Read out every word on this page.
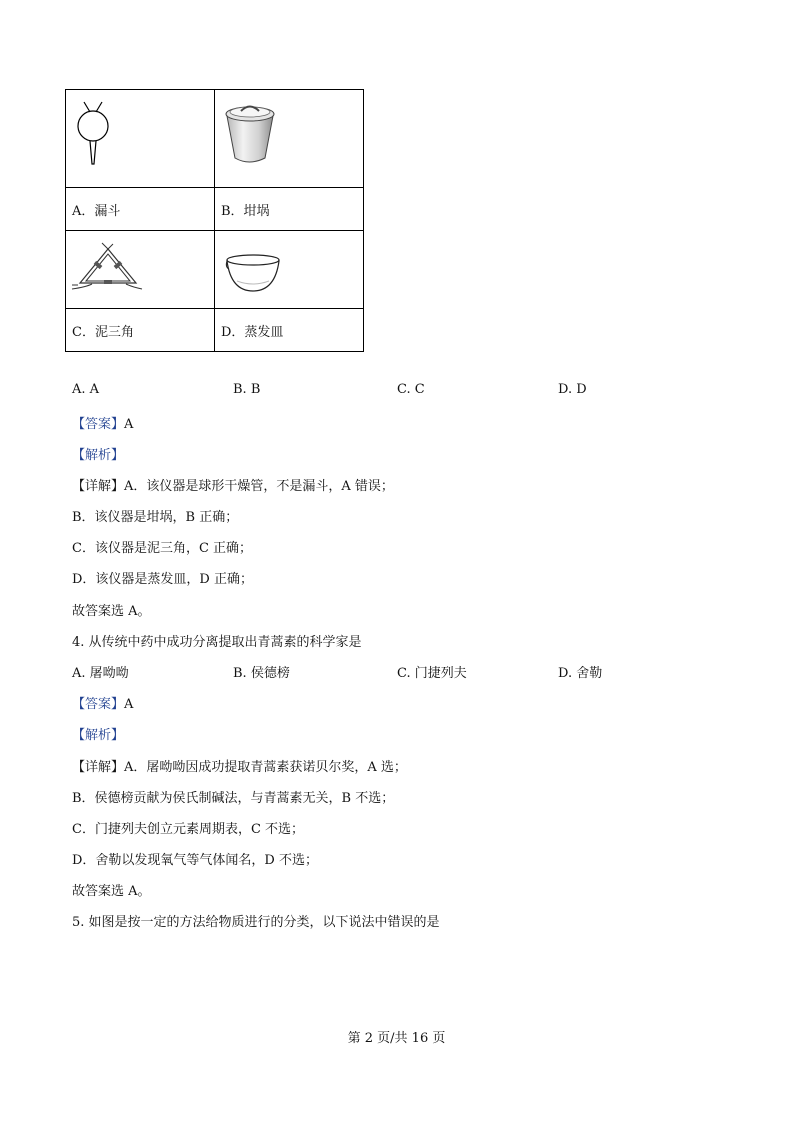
A．漏斗	B．坩埚

C．泥三角	D．蒸发皿
A. A	B. B	C. C	D. D
【答案】A
【解析】
【详解】A．该仪器是球形干燥管，不是漏斗，A 错误；
B．该仪器是坩埚，B 正确；
C．该仪器是泥三角，C 正确；
D．该仪器是蒸发皿，D 正确；
故答案选 A。
4. 从传统中药中成功分离提取出青蒿素的科学家是
A. 屠呦呦	B. 侯德榜	C. 门捷列夫	D. 舍勒
【答案】A
【解析】
【详解】A．屠呦呦因成功提取青蒿素获诺贝尔奖，A 选；
B．侯德榜贡献为侯氏制碱法，与青蒿素无关，B 不选；
C．门捷列夫创立元素周期表，C 不选；
D．舍勒以发现氧气等气体闻名，D 不选；
故答案选 A。
5. 如图是按一定的方法给物质进行的分类，以下说法中错误的是
第 2 页/共 16 页
